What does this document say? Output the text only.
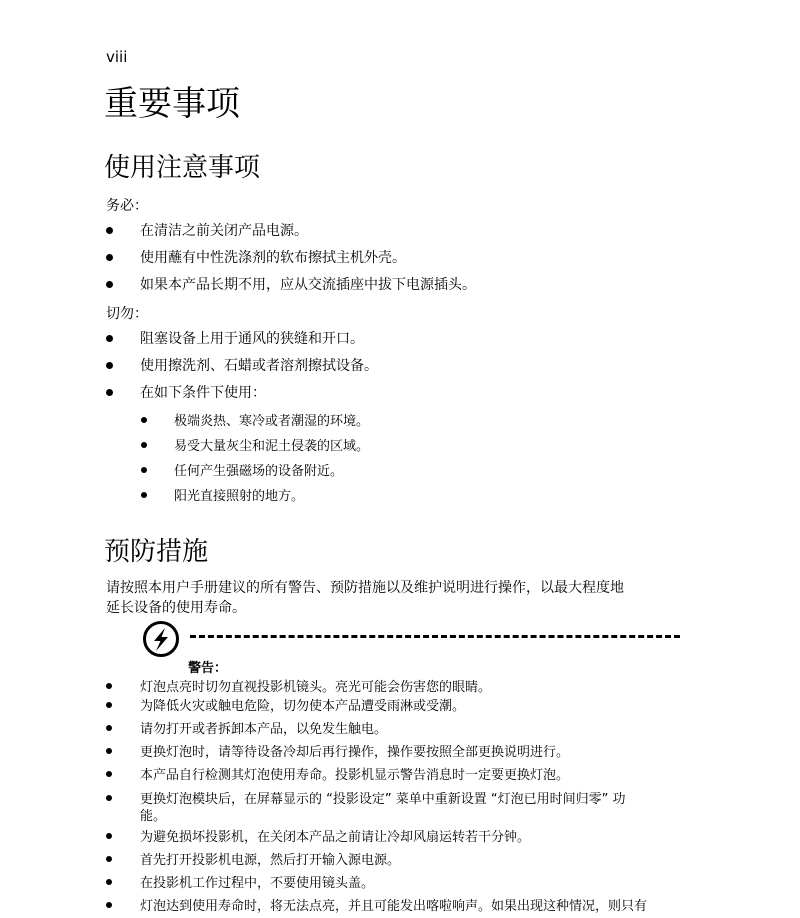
viii
重要事项
使用注意事项
务必：
在清洁之前关闭产品电源。
使用蘸有中性洗涤剂的软布擦拭主机外壳。
如果本产品长期不用，应从交流插座中拔下电源插头。
切勿：
阻塞设备上用于通风的狭缝和开口。
使用擦洗剂、石蜡或者溶剂擦拭设备。
在如下条件下使用：
极端炎热、寒冷或者潮湿的环境。
易受大量灰尘和泥土侵袭的区域。
任何产生强磁场的设备附近。
阳光直接照射的地方。
预防措施
请按照本用户手册建议的所有警告、预防措施以及维护说明进行操作，以最大程度地
延长设备的使用寿命。
警告：
灯泡点亮时切勿直视投影机镜头。亮光可能会伤害您的眼睛。
为降低火灾或触电危险，切勿使本产品遭受雨淋或受潮。
请勿打开或者拆卸本产品，以免发生触电。
更换灯泡时，请等待设备冷却后再行操作，操作要按照全部更换说明进行。
本产品自行检测其灯泡使用寿命。投影机显示警告消息时一定要更换灯泡。
更换灯泡模块后，在屏幕显示的 “投影设定” 菜单中重新设置 “灯泡已用时间归零” 功
能。
为避免损坏投影机，在关闭本产品之前请让冷却风扇运转若干分钟。
首先打开投影机电源，然后打开输入源电源。
在投影机工作过程中，不要使用镜头盖。
灯泡达到使用寿命时，将无法点亮，并且可能发出喀啦响声。如果出现这种情况，则只有
